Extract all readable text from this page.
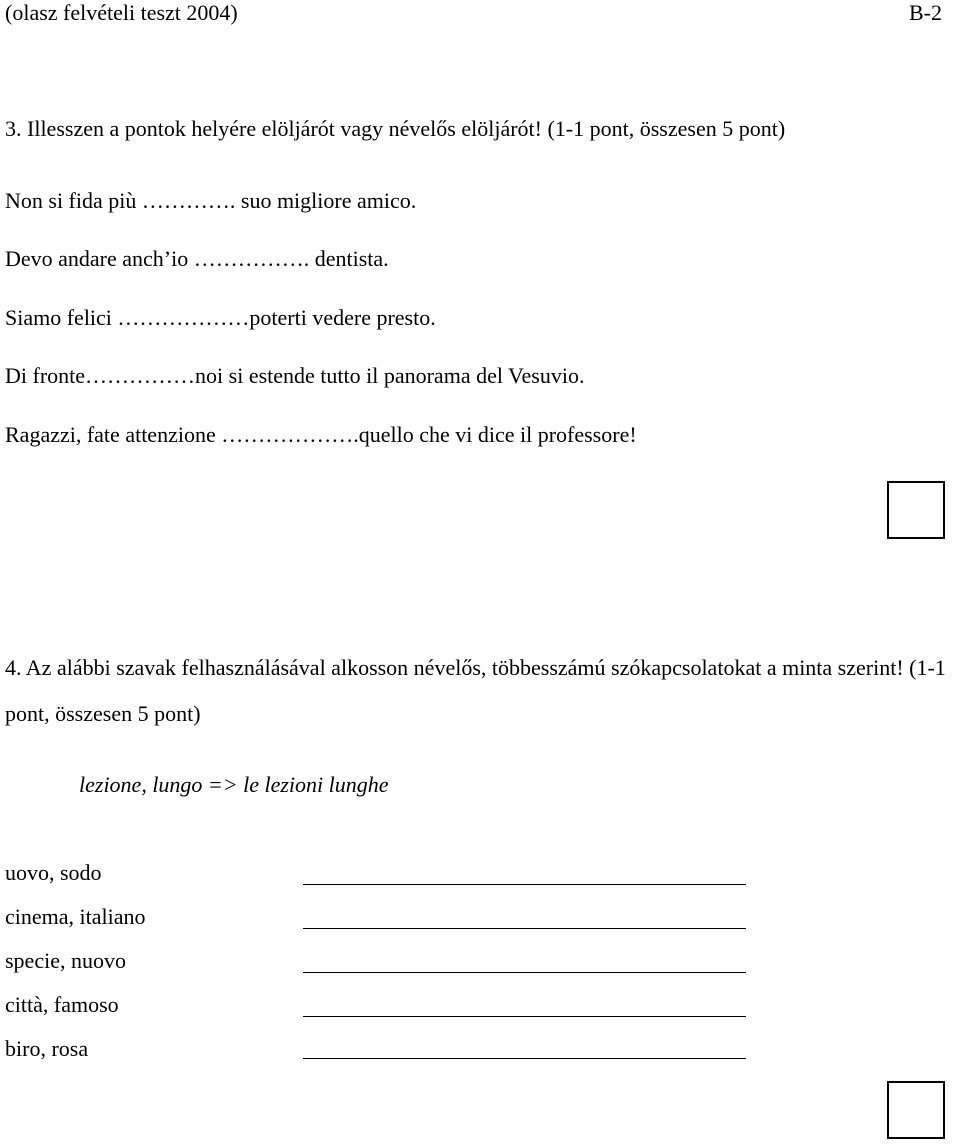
(olasz felvételi teszt 2004)	B-2
3. Illesszen a pontok helyére elöljárót vagy névelős elöljárót! (1-1 pont, összesen 5 pont)
Non si fida più …………. suo migliore amico.
Devo andare anch’io ……………. dentista.
Siamo felici ………………poterti vedere presto.
Di fronte……………noi si estende tutto il panorama del Vesuvio.
Ragazzi, fate attenzione ……………….quello che vi dice il professore!
4. Az alábbi szavak felhasználásával alkosson névelős, többesszámú szókapcsolatokat a minta szerint! (1-1 pont, összesen 5 pont)
lezione, lungo => le lezioni lunghe
uovo, sodo
cinema, italiano
specie, nuovo
città, famoso
biro, rosa
